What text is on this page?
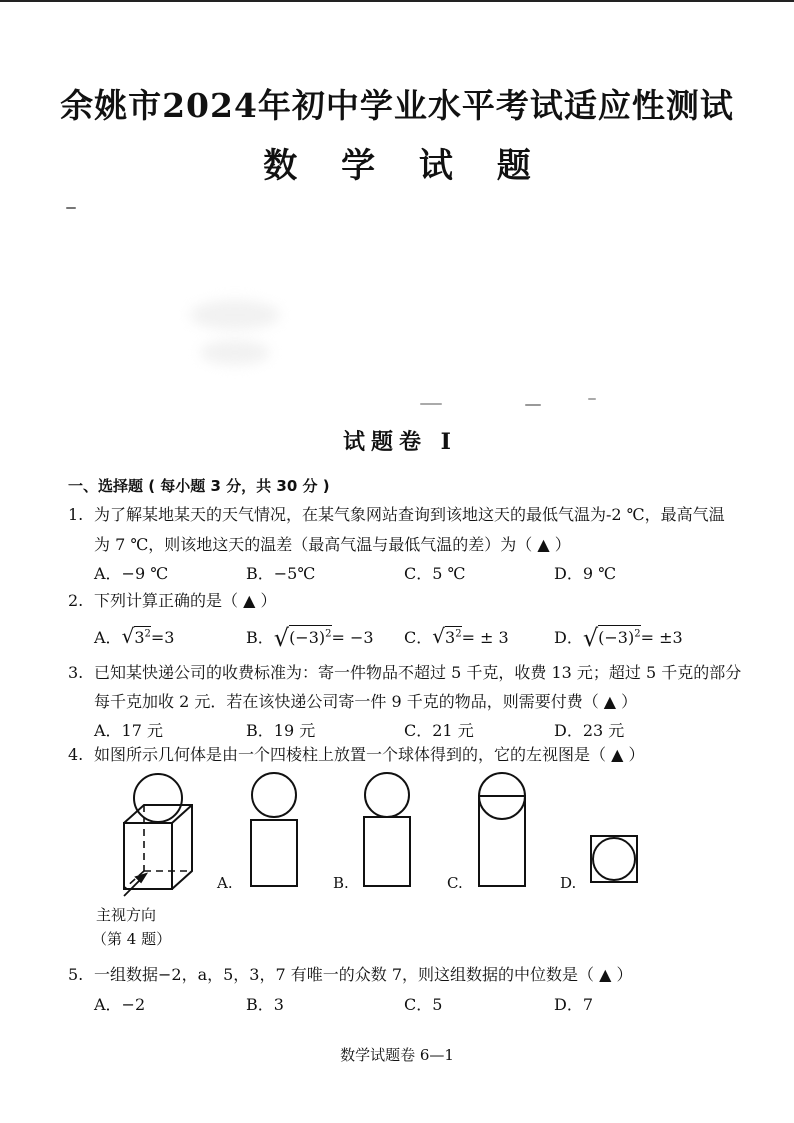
余姚市2024年初中学业水平考试适应性测试
数 学 试 题
试题卷 I
一、选择题 ( 每小题 3 分，共 30 分 )
1. 为了解某地某天的天气情况，在某气象网站查询到该地这天的最低气温为-2 ℃，最高气温
为 7 ℃，则该地这天的温差（最高气温与最低气温的差）为（ ▲ ）
A．−9 ℃	B．−5℃	C．5 ℃	D．9 ℃
2. 下列计算正确的是（ ▲ ）
A．$√3^2=3$	B．$√(-3)^2= -3$ C．$√3^2= \pm 3$	D．$√(-3)^2= \pm 3$
3. 已知某快递公司的收费标准为：寄一件物品不超过 5 千克，收费 13 元；超过 5 千克的部分
每千克加收 2 元．若在该快递公司寄一件 9 千克的物品，则需要付费（ ▲ ）
A．17 元	B．19 元	C．21 元	D．23 元
4. 如图所示几何体是由一个四棱柱上放置一个球体得到的，它的左视图是（ ▲ ）
主视方向
（第 4 题）
A.	B.	C.	D.
5. 一组数据−2，a，5，3，7 有唯一的众数 7，则这组数据的中位数是（ ▲ ）
A．−2	B．3	C．5	D．7
数学试题卷 6—1
